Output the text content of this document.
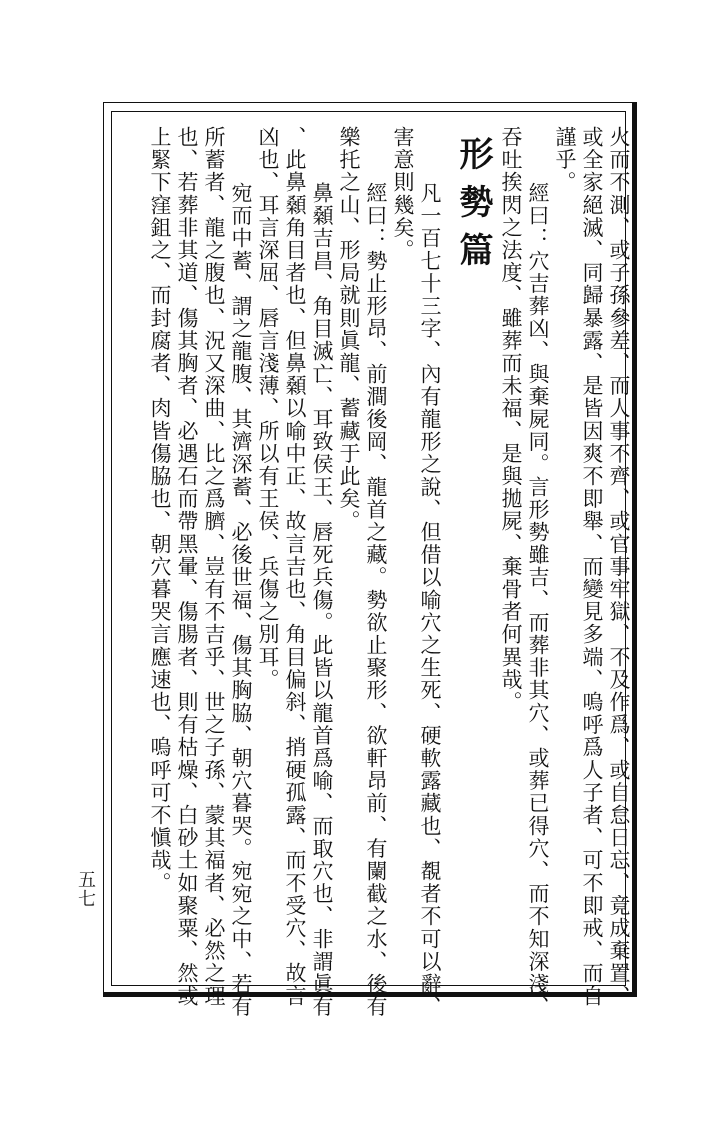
火而不測、或子孫參差、而人事不齊、或官事牢獄、不及作爲、或自怠日忘、竟成棄置、
或全家絕滅、同歸暴露、是皆因爽不即舉、而變見多端、嗚呼爲人子者、可不即戒、而自
謹乎。
經曰：穴吉葬凶、與棄屍同。言形勢雖吉、而葬非其穴、或葬已得穴、而不知深淺、
吞吐挨閃之法度、雖葬而未福、是與拋屍、棄骨者何異哉。
形勢篇
凡一百七十三字、內有龍形之說、但借以喻穴之生死、硬軟露藏也、覩者不可以辭、
害意則幾矣。
經曰：勢止形昂、前澗後岡、龍首之藏。勢欲止聚形、欲軒昂前、有闌截之水、後有
樂托之山、形局就則眞龍、蓄藏于此矣。
鼻顙吉昌、角目滅亡、耳致侯王、唇死兵傷。此皆以龍首爲喻、而取穴也、非謂眞有
、此鼻顙角目者也、但鼻顙以喻中正、故言吉也、角目偏斜、捎硬孤露、而不受穴、故言
凶也、耳言深屈、唇言淺薄、所以有王侯、兵傷之別耳。
宛而中蓄、謂之龍腹、其濟深蓄、必後世福、傷其胸脇、朝穴暮哭。宛宛之中、若有
所蓄者、龍之腹也、況又深曲、比之爲臍、豈有不吉乎、世之子孫、蒙其福者、必然之理
也、若葬非其道、傷其胸者、必遇石而帶黑暈、傷腸者、則有枯燥、白砂土如聚粟、然或
上緊下窪鉏之、而封腐者、肉皆傷脇也、朝穴暮哭言應速也、嗚呼可不愼哉。
五七
